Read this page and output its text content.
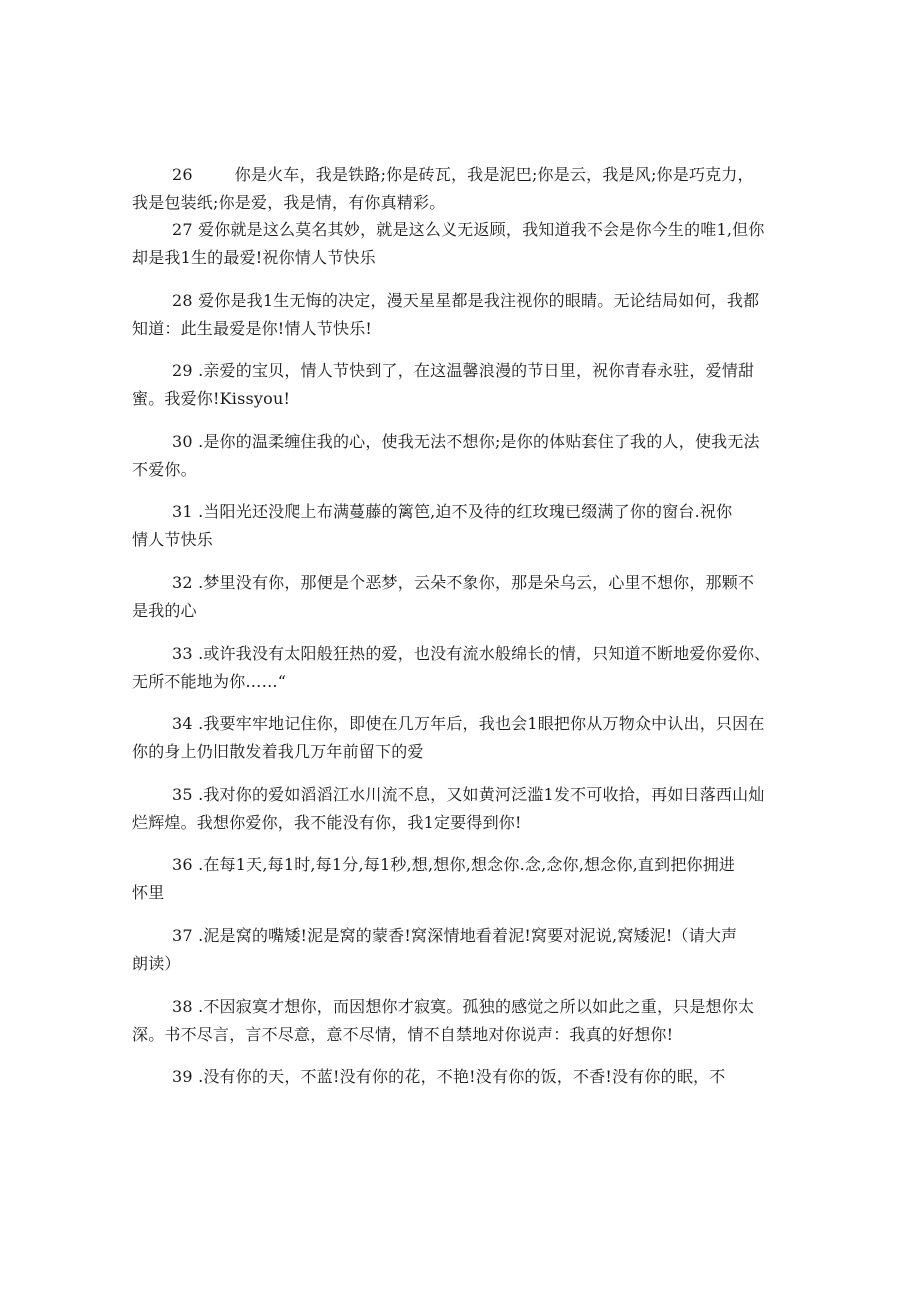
26	你是火车，我是铁路;你是砖瓦，我是泥巴;你是云，我是风;你是巧克力，
我是包装纸;你是爱，我是情，有你真精彩。
27 爱你就是这么莫名其妙，就是这么义无返顾，我知道我不会是你今生的唯1,但你
却是我1生的最爱!祝你情人节快乐
28 爱你是我1生无悔的决定，漫天星星都是我注视你的眼睛。无论结局如何，我都
知道：此生最爱是你!情人节快乐!
29 .亲爱的宝贝，情人节快到了，在这温馨浪漫的节日里，祝你青春永驻，爱情甜
蜜。我爱你!Kissyou!
30 .是你的温柔缠住我的心，使我无法不想你;是你的体贴套住了我的人，使我无法
不爱你。
31 .当阳光还没爬上布满蔓藤的篱笆,迫不及待的红玫瑰已缀满了你的窗台.祝你
情人节快乐
32 .梦里没有你，那便是个恶梦，云朵不象你，那是朵乌云，心里不想你，那颗不
是我的心
33 .或许我没有太阳般狂热的爱，也没有流水般绵长的情，只知道不断地爱你爱你、
无所不能地为你……“
34 .我要牢牢地记住你，即使在几万年后，我也会1眼把你从万物众中认出，只因在
你的身上仍旧散发着我几万年前留下的爱
35 .我对你的爱如滔滔江水川流不息，又如黄河泛滥1发不可收拾，再如日落西山灿
烂辉煌。我想你爱你，我不能没有你，我1定要得到你!
36 .在每1天,每1时,每1分,每1秒,想,想你,想念你.念,念你,想念你,直到把你拥进
怀里
37 .泥是窝的嘴矮!泥是窝的蒙香!窝深情地看着泥!窝要对泥说,窝矮泥!（请大声
朗读）
38 .不因寂寞才想你，而因想你才寂寞。孤独的感觉之所以如此之重，只是想你太
深。书不尽言，言不尽意，意不尽情，情不自禁地对你说声：我真的好想你!
39 .没有你的天，不蓝!没有你的花，不艳!没有你的饭，不香!没有你的眠，不
